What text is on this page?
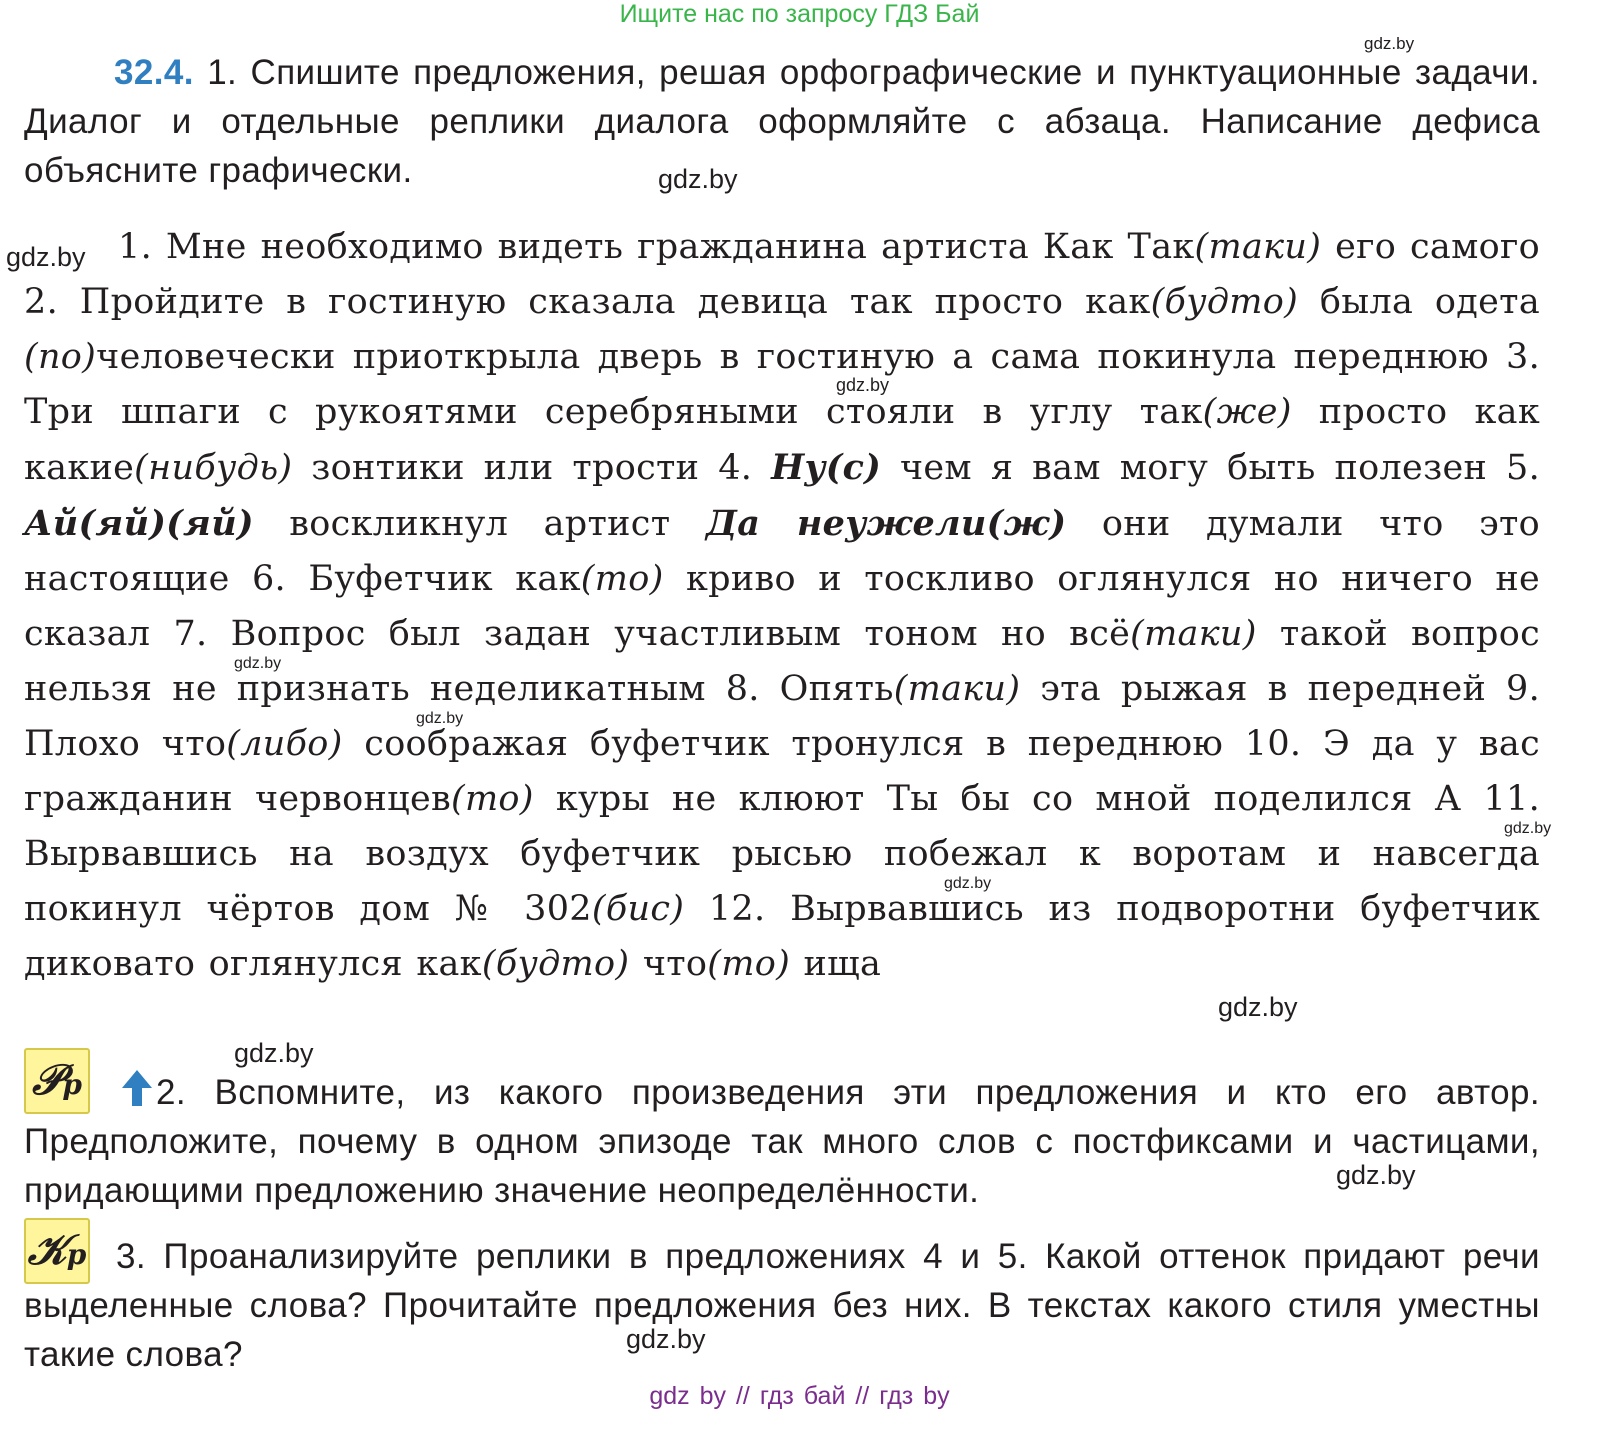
Ищите нас по запросу ГДЗ Бай
gdz.by
gdz.by
gdz.by
gdz.by
gdz.by
gdz.by
gdz.by
gdz.by
gdz.by
gdz.by
gdz.by
gdz.by
32.4. 1. Спишите предложения, решая орфографические и пунктуационные задачи. Диалог и отдельные реплики диалога оформляйте с абзаца. Написание дефиса объясните графически.
1. Мне необходимо видеть гражданина артиста Как Так(таки) его самого 2. Пройдите в гостиную сказала девица так просто как(будто) была одета (по)человечески приоткрыла дверь в гостиную а сама покинула переднюю 3. Три шпаги с рукоятями серебряными стояли в углу так(же) просто как какие(нибудь) зонтики или трости 4. Ну(с) чем я вам могу быть полезен 5. Ай(яй)(яй) воскликнул артист Да неужели(ж) они думали что это настоящие 6. Буфетчик как(то) криво и тоскливо оглянулся но ничего не сказал 7. Вопрос был задан участливым тоном но всё(таки) такой вопрос нельзя не признать неделикатным 8. Опять(таки) эта рыжая в передней 9. Плохо что(либо) соображая буфетчик тронулся в переднюю 10. Э да у вас гражданин червонцев(то) куры не клюют Ты бы со мной поделился А 11. Вырвавшись на воздух буфетчик рысью побежал к воротам и навсегда покинул чёртов дом № 302(бис) 12. Вырвавшись из подворотни буфетчик диковато оглянулся как(будто) что(то) ища
𝒫р	2. Вспомните, из какого произведения эти предложения и кто его автор. Предположите, почему в одном эпизоде так много слов с постфиксами и частицами, придающими предложению значение неопределённости.
𝒦р 3. Проанализируйте реплики в предложениях 4 и 5. Какой оттенок придают речи выделенные слова? Прочитайте предложения без них. В текстах какого стиля уместны такие слова?
gdz by // гдз бай // гдз by
